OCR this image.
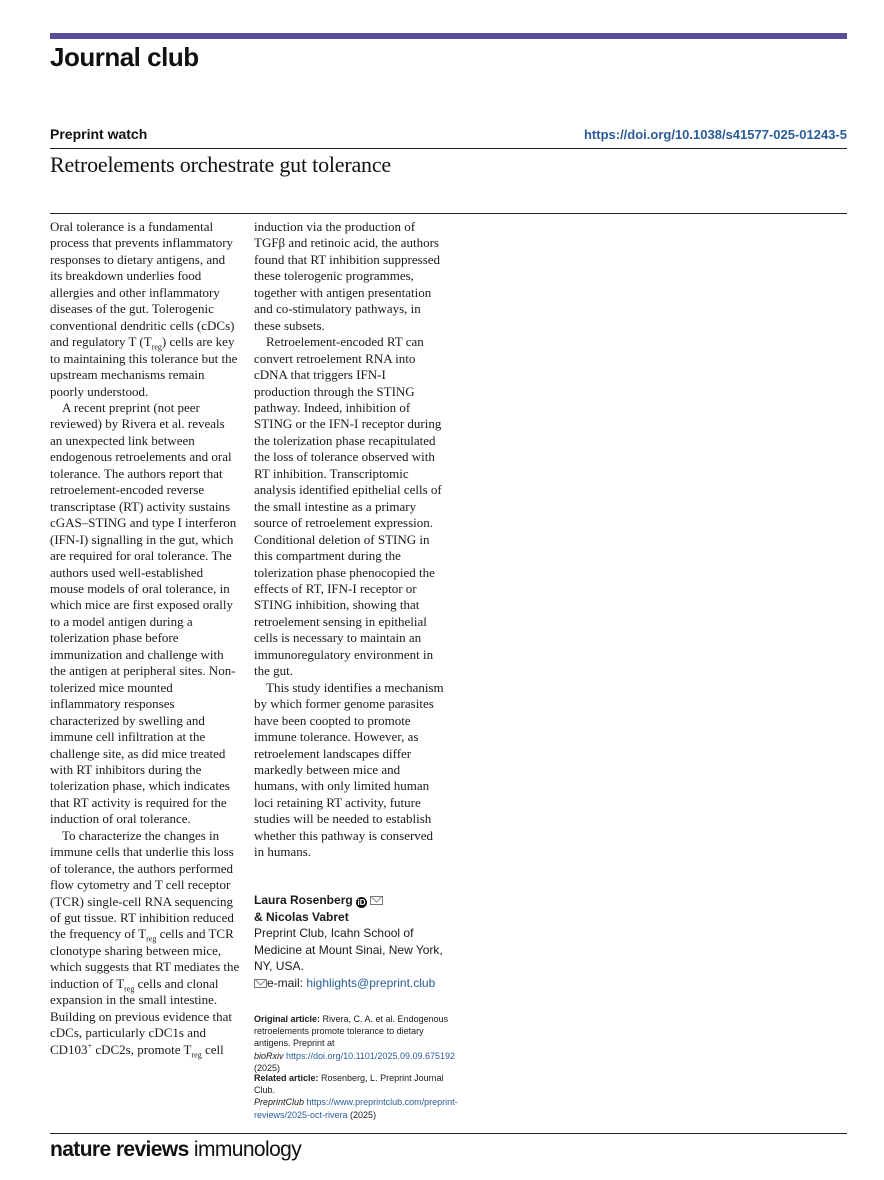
Journal club
Preprint watch	https://doi.org/10.1038/s41577-025-01243-5
Retroelements orchestrate gut tolerance

Oral tolerance is a fundamental process that prevents inflammatory responses to dietary antigens, and its breakdown underlies food allergies and other inflammatory diseases of the gut. Tolerogenic conventional dendritic cells (cDCs) and regulatory T $(T_{reg})$ cells are key to maintaining this tolerance but the upstream mechanisms remain poorly understood.

A recent preprint (not peer reviewed) by Rivera et al. reveals an unexpected link between endogenous retroelements and oral tolerance. The authors report that retroelement-encoded reverse transcriptase (RT) activity sustains cGAS–STING and type I interferon (IFN-I) signalling in the gut, which are required for oral tolerance. The authors used well-established mouse models of oral tolerance, in which mice are first exposed orally to a model antigen during a tolerization phase before immunization and challenge with the antigen at peripheral sites. Non-tolerized mice mounted inflammatory responses characterized by swelling and immune cell infiltration at the challenge site, as did mice treated with RT inhibitors during the tolerization phase, which indicates that RT activity is required for the induction of oral tolerance.

To characterize the changes in immune cells that underlie this loss of tolerance, the authors performed flow cytometry and T cell receptor (TCR) single-cell RNA sequencing of gut tissue. RT inhibition reduced the frequency of $T_{reg}$ cells and TCR clonotype sharing between mice, which suggests that RT mediates the induction of $T_{reg}$ cells and clonal expansion in the small intestine. Building on previous evidence that cDCs, particularly cDC1s and CD103+ cDC2s, promote $T_{reg}$ cell

induction via the production of TGFβ and retinoic acid, the authors found that RT inhibition suppressed these tolerogenic programmes, together with antigen presentation and co-stimulatory pathways, in these subsets.

Retroelement-encoded RT can convert retroelement RNA into cDNA that triggers IFN-I production through the STING pathway. Indeed, inhibition of STING or the IFN-I receptor during the tolerization phase recapitulated the loss of tolerance observed with RT inhibition. Transcriptomic analysis identified epithelial cells of the small intestine as a primary source of retroelement expression. Conditional deletion of STING in this compartment during the tolerization phase phenocopied the effects of RT, IFN-I receptor or STING inhibition, showing that retroelement sensing in epithelial cells is necessary to maintain an immunoregulatory environment in the gut.

This study identifies a mechanism by which former genome parasites have been coopted to promote immune tolerance. However, as retroelement landscapes differ markedly between mice and humans, with only limited human loci retaining RT activity, future studies will be needed to establish whether this pathway is conserved in humans.

Laura Rosenberg iD
& Nicolas Vabret
Preprint Club, Icahn School of Medicine at Mount Sinai, New York, NY, USA.
e-mail: highlights@preprint.club
Original article: Rivera, C. A. et al. Endogenous retroelements promote tolerance to dietary antigens. Preprint at bioRxiv https://doi.org/10.1101/2025.09.09.675192 (2025)
Related article: Rosenberg, L. Preprint Journal Club. PreprintClub https://www.preprintclub.com/preprint-reviews/2025-oct-rivera (2025)
nature reviews immunology
